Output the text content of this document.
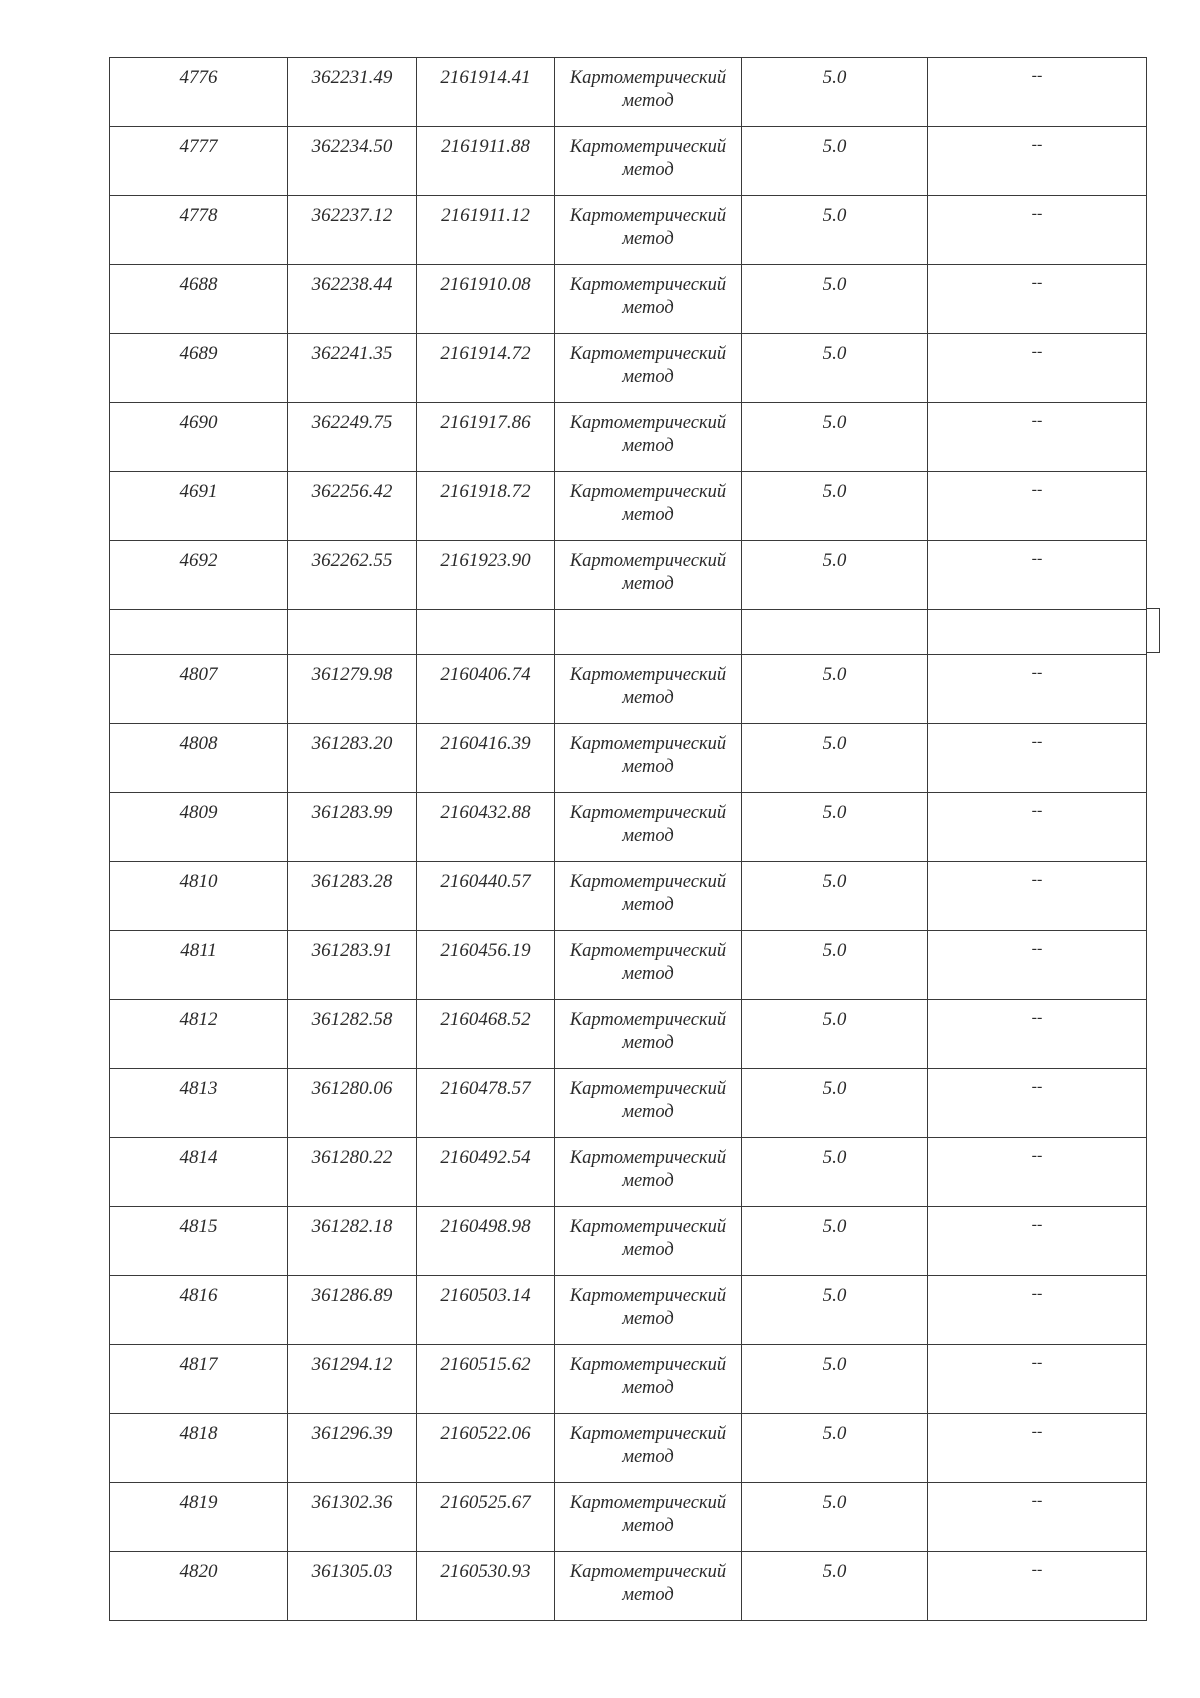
4776	362231.49	2161914.41	Картометрический метод	5.0	--

4777	362234.50	2161911.88	Картометрический метод	5.0	--

4778	362237.12	2161911.12	Картометрический метод	5.0	--

4688	362238.44	2161910.08	Картометрический метод	5.0	--

4689	362241.35	2161914.72	Картометрический метод	5.0	--

4690	362249.75	2161917.86	Картометрический метод	5.0	--

4691	362256.42	2161918.72	Картометрический метод	5.0	--

4692	362262.55	2161923.90	Картометрический метод	5.0	--

4807	361279.98	2160406.74	Картометрический метод	5.0	--

4808	361283.20	2160416.39	Картометрический метод	5.0	--

4809	361283.99	2160432.88	Картометрический метод	5.0	--

4810	361283.28	2160440.57	Картометрический метод	5.0	--

4811	361283.91	2160456.19	Картометрический метод	5.0	--

4812	361282.58	2160468.52	Картометрический метод	5.0	--

4813	361280.06	2160478.57	Картометрический метод	5.0	--

4814	361280.22	2160492.54	Картометрический метод	5.0	--

4815	361282.18	2160498.98	Картометрический метод	5.0	--

4816	361286.89	2160503.14	Картометрический метод	5.0	--

4817	361294.12	2160515.62	Картометрический метод	5.0	--

4818	361296.39	2160522.06	Картометрический метод	5.0	--

4819	361302.36	2160525.67	Картометрический метод	5.0	--

4820	361305.03	2160530.93	Картометрический метод	5.0	--
